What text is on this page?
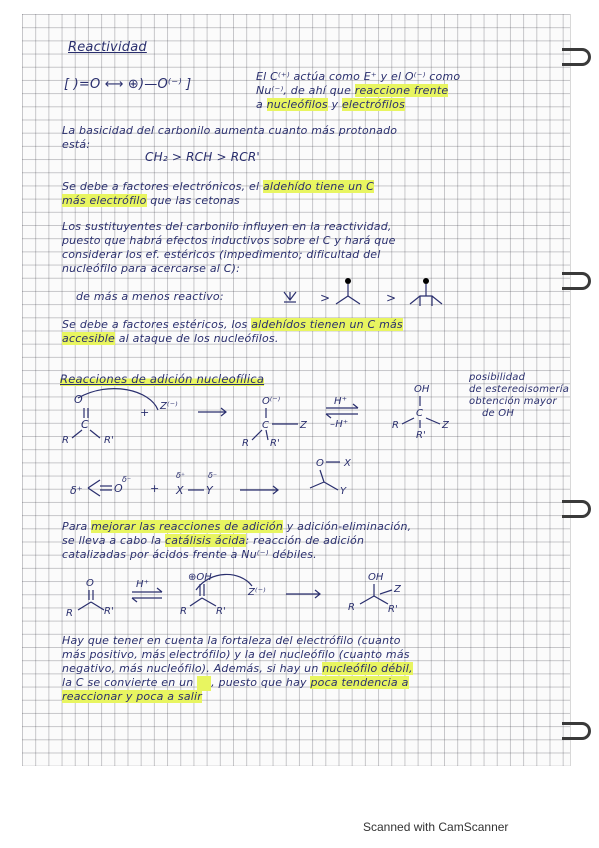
Reactividad

[ )=O ⟷ ⊕)—O⁽⁻⁾ ]

El C⁽⁺⁾ actúa como E⁺ y el O⁽⁻⁾ como

Nu⁽⁻⁾, de ahí que reaccione frente

a nucleófilos y electrófilos

La basicidad del carbonilo aumenta cuanto más protonado

está:

CH₂ > RCH > RCR'

Se debe a factores electrónicos, el aldehído tiene un C

más electrófilo que las cetonas

Los sustituyentes del carbonilo influyen en la reactividad,

puesto que habrá efectos inductivos sobre el C y hará que

considerar los ef. estéricos (impedimento; dificultad del

nucleófilo para acercarse al C):

de más a menos reactivo:

Se debe a factores estéricos, los aldehídos tienen un C más

accesible al ataque de los nucleófilos.

Reacciones de adición nucleofílica	posibilidad

de estereoisomería

obtención mayor

de OH

H⁺

–H⁺

Z⁽⁻⁾

Para mejorar las reacciones de adición y adición-eliminación,

se lleva a cabo la catálisis ácida: reacción de adición

catalizadas por ácidos frente a Nu⁽⁻⁾ débiles.

H⁺

Z⁽⁻⁾

Hay que tener en cuenta la fortaleza del electrófilo (cuanto

más positivo, más electrófilo) y la del nucleófilo (cuanto más

negativo, más nucleófilo). Además, si hay un nucleófilo débil,

la C se convierte en un  , puesto que hay poca tendencia a

reaccionar y poca a salir

>	>
O
C
R	R'
+
O⁽⁻⁾
C	Z
R R'
OH
C
R	Z
R'
δ⁺	O
δ⁻
+
δ⁺	δ⁻
X Y
O X
Y
O
R	R'
⊕OH
R	R'
OH
Z
R	R'
Scanned with CamScanner
